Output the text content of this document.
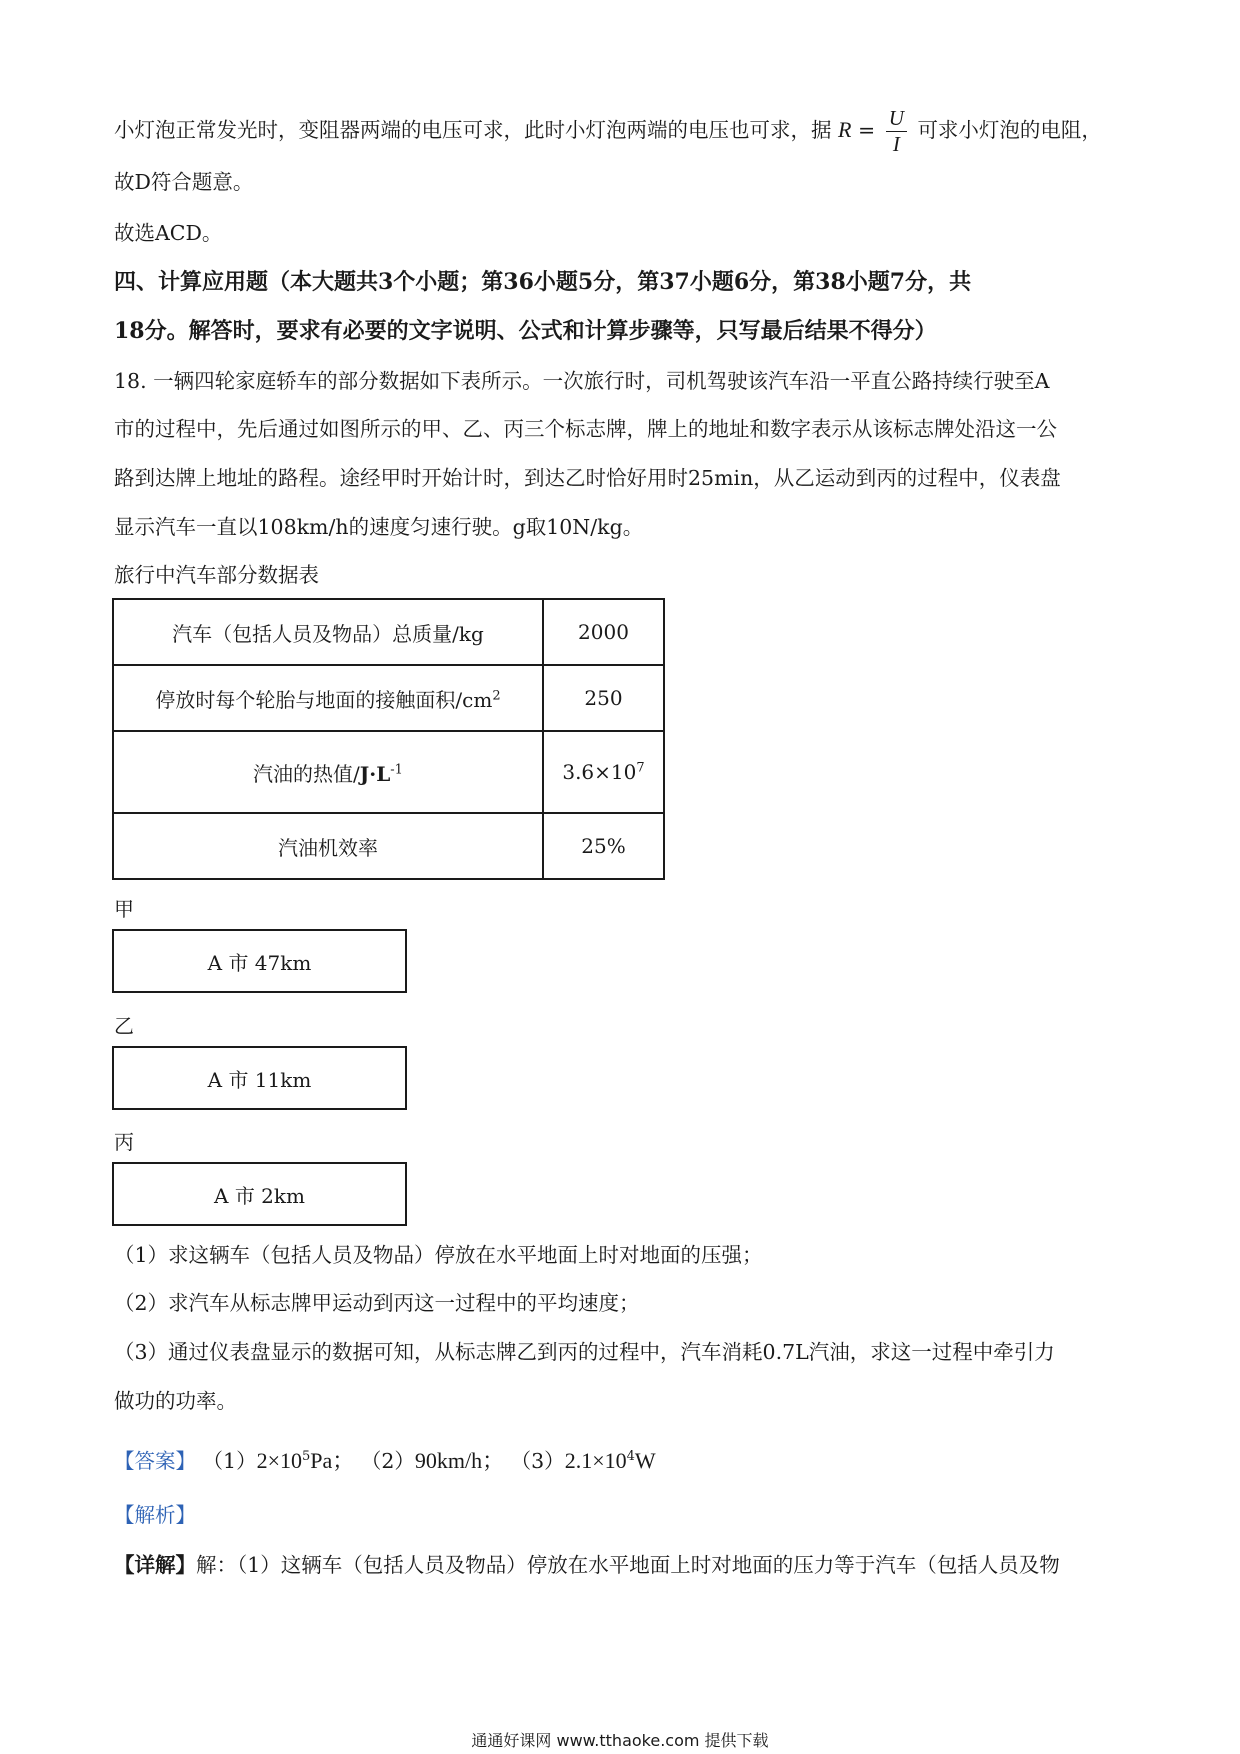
小灯泡正常发光时，变阻器两端的电压可求，此时小灯泡两端的电压也可求，据 $R = \frac{U}{I}$ 可求小灯泡的电阻，
故D符合题意。
故选ACD。
四、计算应用题（本大题共3个小题；第36小题5分，第37小题6分，第38小题7分，共
18分。解答时，要求有必要的文字说明、公式和计算步骤等，只写最后结果不得分）
18. 一辆四轮家庭轿车的部分数据如下表所示。一次旅行时，司机驾驶该汽车沿一平直公路持续行驶至A
市的过程中，先后通过如图所示的甲、乙、丙三个标志牌，牌上的地址和数字表示从该标志牌处沿这一公
路到达牌上地址的路程。途经甲时开始计时，到达乙时恰好用时25min，从乙运动到丙的过程中，仪表盘
显示汽车一直以108km/h的速度匀速行驶。g取10N/kg。
旅行中汽车部分数据表
汽车（包括人员及物品）总质量/kg	2000
停放时每个轮胎与地面的接触面积$/cm^2$	250
汽油的热值$/J\cdot L^{-1}$	$3.6\times 10^7$
汽油机效率	25%
甲
A 市 47km
乙
A 市 11km
丙
A 市 2km
（1）求这辆车（包括人员及物品）停放在水平地面上时对地面的压强；
（2）求汽车从标志牌甲运动到丙这一过程中的平均速度；
（3）通过仪表盘显示的数据可知，从标志牌乙到丙的过程中，汽车消耗0.7L汽油，求这一过程中牵引力
做功的功率。
【答案】 $(1)2\times 10^5Pa$； （2）90km/h； $(3)2.1\times 10^4W$
【解析】
【详解】解：（1）这辆车（包括人员及物品）停放在水平地面上时对地面的压力等于汽车（包括人员及物
通通好课网 www.tthaoke.com 提供下载
